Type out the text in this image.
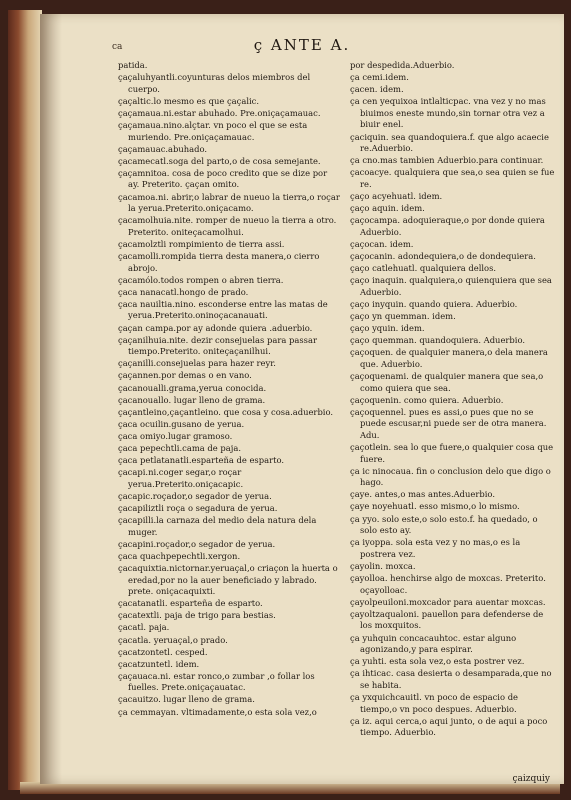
ca	ç ANTE A.
patida.
çaçaluhyantli.coyunturas delos miembros del cuerpo.
çaçaltic.lo mesmo es que çaçalic.
çaçamaua.ni.estar abuhado. Pre.oniçaçamauac.
çaçamaua.nino.alçtar. vn poco el que se esta muriendo. Pre.oniçaçamauac.
çaçamauac.abuhado.
çacamecatl.soga del parto,o de cosa semejante.
çaçamnitoa. cosa de poco credito que se dize por ay. Preterito. çaçan omito.
çacamoa.ni. abrir,o labrar de nueuo la tierra,o roçar la yerua.Preterito.oniçacamo.
çacamolhuia.nite. romper de nueuo la tierra a otro. Preterito. oniteçacamolhui.
çacamolztli rompimiento de tierra assi.
çacamolli.rompida tierra desta manera,o cierro abrojo.
çacamólo.todos rompen o abren tierra.
çaca nanacatl.hongo de prado.
çaca nauiltia.nino. esconderse entre las matas de yerua.Preterito.oninoçacanauati.
çaçan campa.por ay adonde quiera .aduerbio.
çaçanilhuia.nite. dezir consejuelas para passar tiempo.Preterito. oniteçaçanilhui.
çaçanilli.consejuelas para hazer reyr.
çaçannen.por demas o en vano.
çacanoualli.grama,yerua conocida.
çacanouallo. lugar lleno de grama.
çaçantleino,çaçantleino. que cosa y cosa.aduerbio.
çaca ocuilin.gusano de yerua.
çaca omiyo.lugar gramoso.
çaca pepechtli.cama de paja.
çaca petlatanatli.esparteña de esparto.
çacapi.ni.coger segar,o roçar yerua.Preterito.oniçacapic.
çacapic.roçador,o segador de yerua.
çacapiliztli roça o segadura de yerua.
çacapilli.la carnaza del medio dela natura dela muger.
çacapini.roçador,o segador de yerua.
çaca quachpepechtli.xergon.
çacaquixtia.nictornar.yeruaçal,o criaçon la huerta o eredad,por no la auer beneficiado y labrado. prete. oniçacaquixti.
çacatanatli. esparteña de esparto.
çacatextli. paja de trigo para bestias.
çacatl. paja.
çacatla. yeruaçal,o prado.
çacatzontetl. cesped.
çacatzuntetl. idem.
çaçauaca.ni. estar ronco,o zumbar ,o follar los fuelles. Prete.oniçaçauatac.
çacauitzo. lugar lleno de grama.
ça cemmayan. vltimadamente,o esta sola vez,o
por despedida.Aduerbio.
ça cemi.idem.
çacen. idem.
ça cen yequixoa intlalticpac. vna vez y no mas biuimos eneste mundo,sin tornar otra vez a biuir enel.
çaciquin. sea quandoquiera.f. que algo acaecie re.Aduerbio.
ça cno.mas tambien Aduerbio.para continuar.
çacoacye. qualquiera que sea,o sea quien se fue re.
çaço acyehuatl. idem.
çaço aquin. idem.
çaçocampa. adoquieraque,o por donde quiera Aduerbio.
çaçocan. idem.
çaçocanin. adondequiera,o de dondequiera.
çaço catlehuatl. qualquiera dellos.
çaço inaquin. qualquiera,o quienquiera que sea Aduerbio.
çaço inyquin. quando quiera. Aduerbio.
çaço yn quemman. idem.
çaço yquin. idem.
çaço quemman. quandoquiera. Aduerbio.
çaçoquen. de qualquier manera,o dela manera que. Aduerbio.
çaçoquenami. de qualquier manera que sea,o como quiera que sea.
çaçoquenin. como quiera. Aduerbio.
çaçoquennel. pues es assi,o pues que no se puede escusar,ni puede ser de otra manera. Adu.
çaçotlein. sea lo que fuere,o qualquier cosa que fuere.
ça ic ninocaua. fin o conclusion delo que digo o hago.
çaye. antes,o mas antes.Aduerbio.
çaye noyehuatl. esso mismo,o lo mismo.
ça yyo. solo este,o solo esto.f. ha quedado, o solo esto ay.
ça iyoppa. sola esta vez y no mas,o es la postrera vez.
çayolin. moxca.
çayolloa. henchirse algo de moxcas. Preterito. oçayolloac.
çayolpeuiloni.moxcador para auentar moxcas.
çayoltzaqualoni. pauellon para defenderse de los moxquitos.
ça yuhquin concacauhtoc. estar alguno agonizando,y para espirar.
ça yuhti. esta sola vez,o esta postrer vez.
ça ihticac. casa desierta o desamparada,que no se habita.
ça yxquichcauitl. vn poco de espacio de tiempo,o vn poco despues. Aduerbio.
ça iz. aqui cerca,o aqui junto, o de aqui a poco tiempo. Aduerbio.
çaizquiy
